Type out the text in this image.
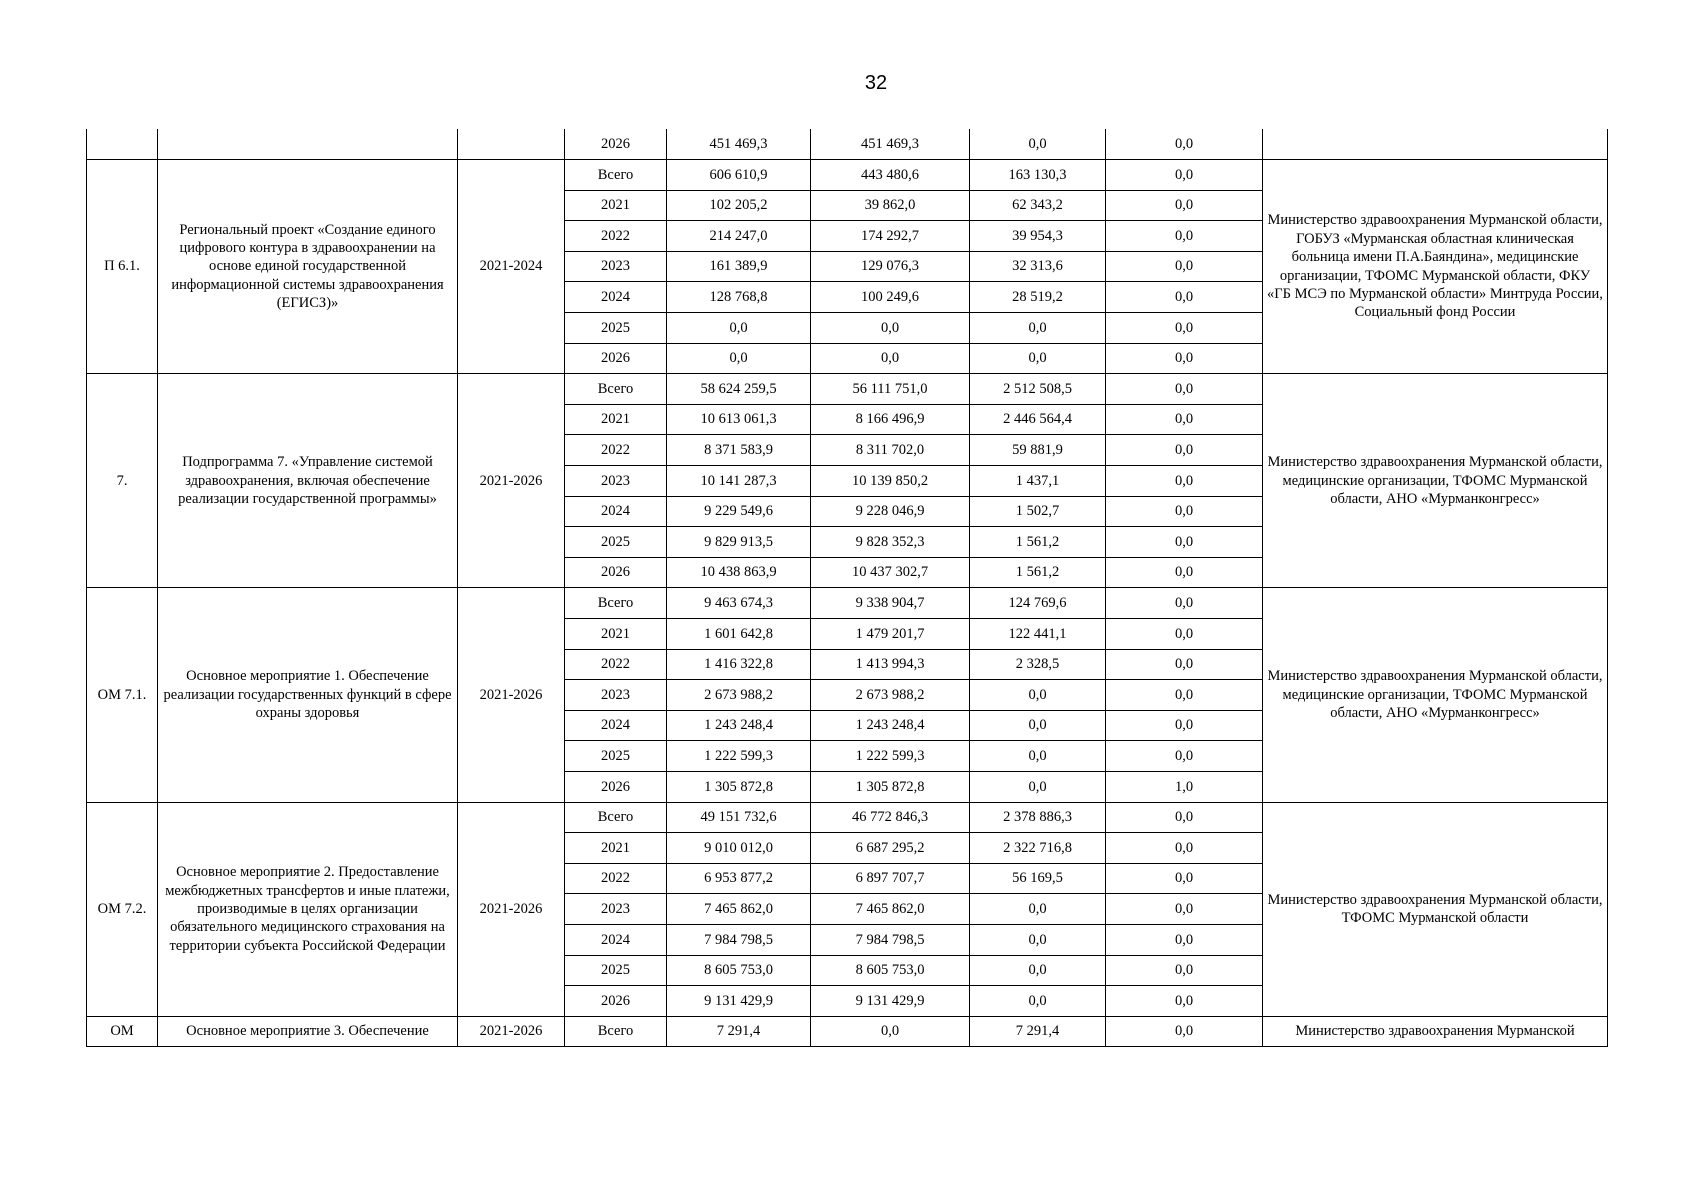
32
			2026	451 469,3	451 469,3	0,0	0,0	
П 6.1.	Региональный проект «Создание единого цифрового контура в здравоохранении на основе единой государственной информационной системы здравоохранения (ЕГИСЗ)»	2021-2024	Всего	606 610,9	443 480,6	163 130,3	0,0	Министерство здравоохранения Мурманской области, ГОБУЗ «Мурманская областная клиническая больница имени П.А.Баяндина», медицинские организации, ТФОМС Мурманской области, ФКУ «ГБ МСЭ по Мурманской области» Минтруда России, Социальный фонд России
			2021	102 205,2	39 862,0	62 343,2	0,0	
			2022	214 247,0	174 292,7	39 954,3	0,0	
			2023	161 389,9	129 076,3	32 313,6	0,0	
			2024	128 768,8	100 249,6	28 519,2	0,0	
			2025	0,0	0,0	0,0	0,0	
			2026	0,0	0,0	0,0	0,0	
7.	Подпрограмма 7. «Управление системой здравоохранения, включая обеспечение реализации государственной программы»	2021-2026	Всего	58 624 259,5	56 111 751,0	2 512 508,5	0,0	Министерство здравоохранения Мурманской области, медицинские организации, ТФОМС Мурманской области, АНО «Мурманконгресс»
			2021	10 613 061,3	8 166 496,9	2 446 564,4	0,0	
			2022	8 371 583,9	8 311 702,0	59 881,9	0,0	
			2023	10 141 287,3	10 139 850,2	1 437,1	0,0	
			2024	9 229 549,6	9 228 046,9	1 502,7	0,0	
			2025	9 829 913,5	9 828 352,3	1 561,2	0,0	
			2026	10 438 863,9	10 437 302,7	1 561,2	0,0	
ОМ 7.1.	Основное мероприятие 1. Обеспечение реализации государственных функций в сфере охраны здоровья	2021-2026	Всего	9 463 674,3	9 338 904,7	124 769,6	0,0	Министерство здравоохранения Мурманской области, медицинские организации, ТФОМС Мурманской области, АНО «Мурманконгресс»
			2021	1 601 642,8	1 479 201,7	122 441,1	0,0	
			2022	1 416 322,8	1 413 994,3	2 328,5	0,0	
			2023	2 673 988,2	2 673 988,2	0,0	0,0	
			2024	1 243 248,4	1 243 248,4	0,0	0,0	
			2025	1 222 599,3	1 222 599,3	0,0	0,0	
			2026	1 305 872,8	1 305 872,8	0,0	1,0	
ОМ 7.2.	Основное мероприятие 2. Предоставление межбюджетных трансфертов и иные платежи, производимые в целях организации обязательного медицинского страхования на территории субъекта Российской Федерации	2021-2026	Всего	49 151 732,6	46 772 846,3	2 378 886,3	0,0	Министерство здравоохранения Мурманской области, ТФОМС Мурманской области
			2021	9 010 012,0	6 687 295,2	2 322 716,8	0,0	
			2022	6 953 877,2	6 897 707,7	56 169,5	0,0	
			2023	7 465 862,0	7 465 862,0	0,0	0,0	
			2024	7 984 798,5	7 984 798,5	0,0	0,0	
			2025	8 605 753,0	8 605 753,0	0,0	0,0	
			2026	9 131 429,9	9 131 429,9	0,0	0,0	
ОМ	Основное мероприятие 3. Обеспечение	2021-2026	Всего	7 291,4	0,0	7 291,4	0,0	Министерство здравоохранения Мурманской
